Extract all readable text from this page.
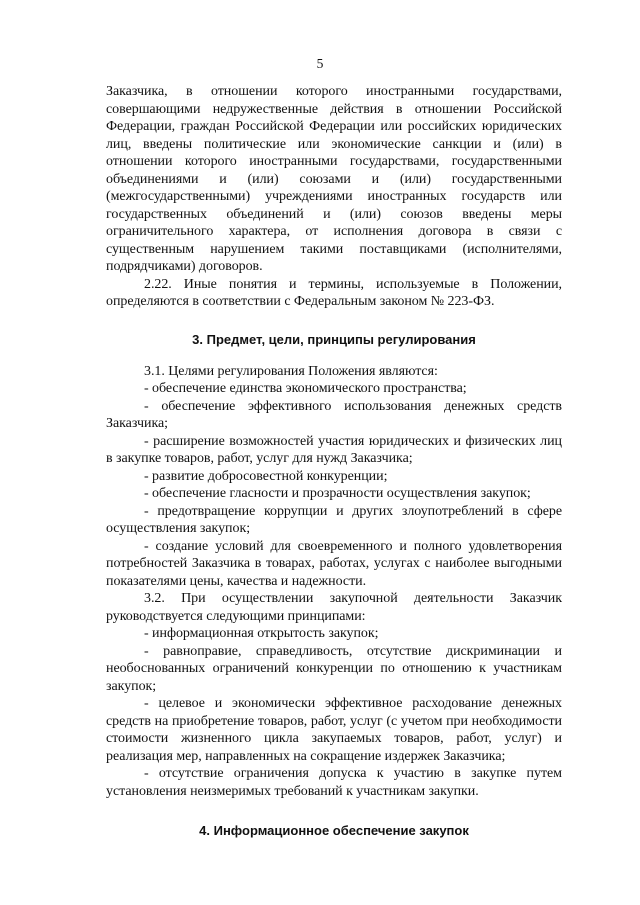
5

Заказчика, в отношении которого иностранными государствами, совершающими недружественные действия в отношении Российской Федерации, граждан Российской Федерации или российских юридических лиц, введены политические или экономические санкции и (или) в отношении которого иностранными государствами, государственными объединениями и (или) союзами и (или) государственными (межгосударственными) учреждениями иностранных государств или государственных объединений и (или) союзов введены меры ограничительного характера, от исполнения договора в связи с существенным нарушением такими поставщиками (исполнителями, подрядчиками) договоров.

2.22. Иные понятия и термины, используемые в Положении, определяются в соответствии с Федеральным законом № 223-ФЗ.

3. Предмет, цели, принципы регулирования

3.1. Целями регулирования Положения являются:

- обеспечение единства экономического пространства;

- обеспечение эффективного использования денежных средств Заказчика;

- расширение возможностей участия юридических и физических лиц в закупке товаров, работ, услуг для нужд Заказчика;

- развитие добросовестной конкуренции;

- обеспечение гласности и прозрачности осуществления закупок;

- предотвращение коррупции и других злоупотреблений в сфере осуществления закупок;

- создание условий для своевременного и полного удовлетворения потребностей Заказчика в товарах, работах, услугах с наиболее выгодными показателями цены, качества и надежности.

3.2. При осуществлении закупочной деятельности Заказчик руководствуется следующими принципами:

- информационная открытость закупок;

- равноправие, справедливость, отсутствие дискриминации и необоснованных ограничений конкуренции по отношению к участникам закупок;

- целевое и экономически эффективное расходование денежных средств на приобретение товаров, работ, услуг (с учетом при необходимости стоимости жизненного цикла закупаемых товаров, работ, услуг) и реализация мер, направленных на сокращение издержек Заказчика;

- отсутствие ограничения допуска к участию в закупке путем установления неизмеримых требований к участникам закупки.

4. Информационное обеспечение закупок
